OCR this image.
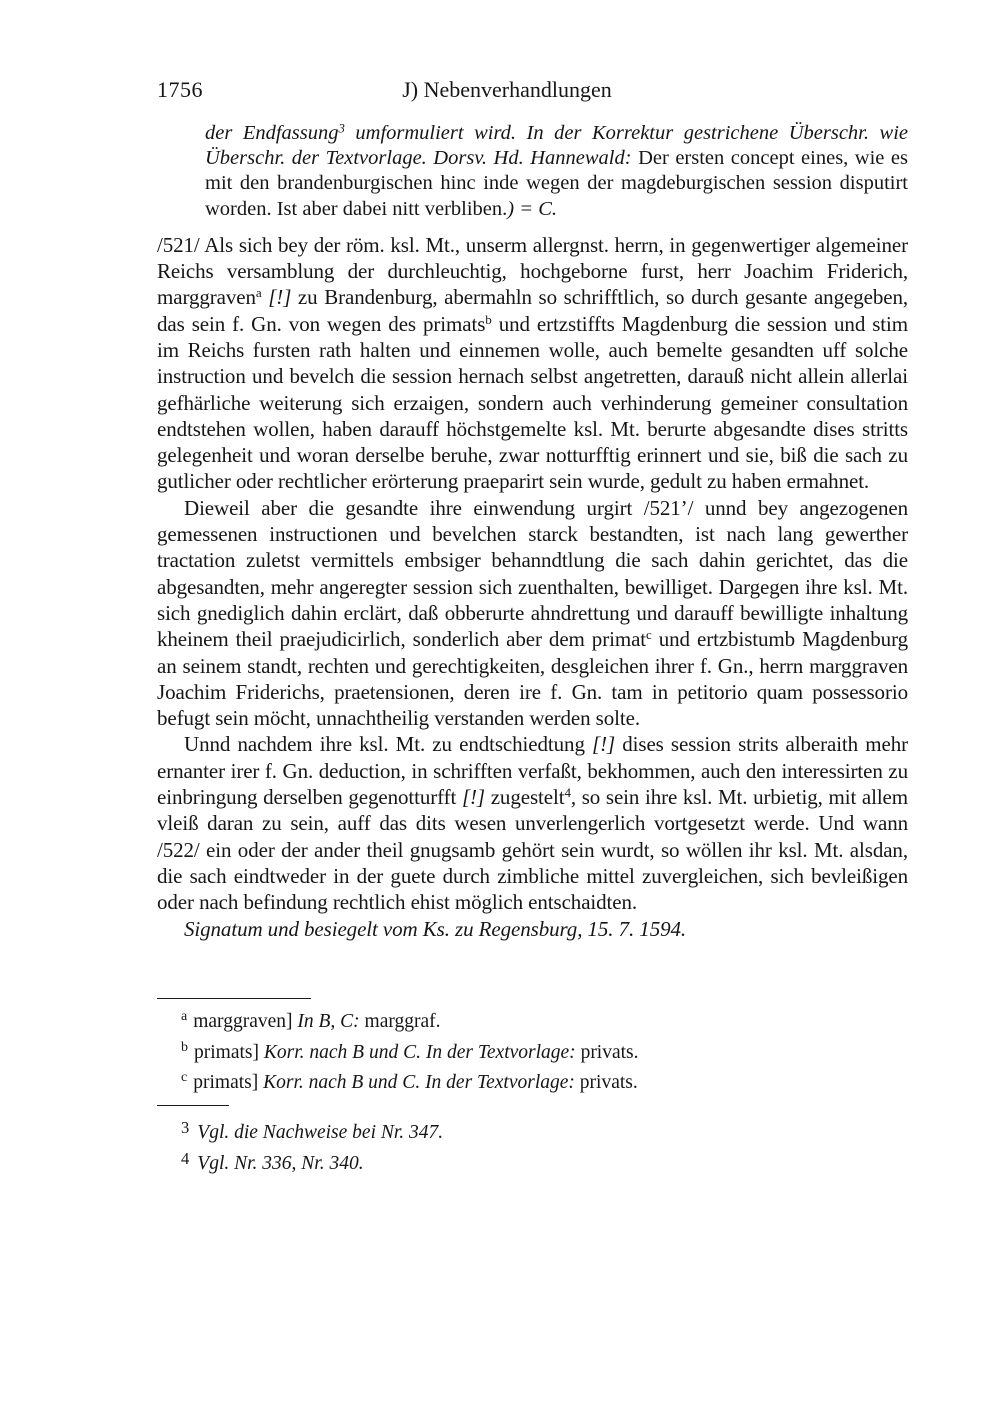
1756	J) Nebenverhandlungen

der Endfassung$^3$ umformuliert wird. In der Korrektur gestrichene Überschr. wie Überschr. der Textvorlage. Dorsv. Hd. Hannewald: Der ersten concept eines, wie es mit den brandenburgischen hinc inde wegen der magdeburgischen session disputirt worden. Ist aber dabei nitt verbliben.) = C.

/521/ Als sich bey der röm. ksl. Mt., unserm allergnst. herrn, in gegenwertiger algemeiner Reichs versamblung der durchleuchtig, hochgeborne furst, herr Joachim Friderich, marggraven$^a$ [!] zu Brandenburg, abermahln so schrifftlich, so durch gesante angegeben, das sein f. Gn. von wegen des primats$^b$ und ertzstiffts Magdenburg die session und stim im Reichs fursten rath halten und einnemen wolle, auch bemelte gesandten uff solche instruction und bevelch die session hernach selbst angetretten, darauß nicht allein allerlai gefhärliche weiterung sich erzaigen, sondern auch verhinderung gemeiner consultation endtstehen wollen, haben darauff höchstgemelte ksl. Mt. berurte abgesandte dises stritts gelegenheit und woran derselbe beruhe, zwar notturfftig erinnert und sie, biß die sach zu gutlicher oder rechtlicher erörterung praeparirt sein wurde, gedult zu haben ermahnet.

Dieweil aber die gesandte ihre einwendung urgirt /521’/ unnd bey angezogenen gemessenen instructionen und bevelchen starck bestandten, ist nach lang gewerther tractation zuletst vermittels embsiger behanndtlung die sach dahin gerichtet, das die abgesandten, mehr angeregter session sich zuenthalten, bewilliget. Dargegen ihre ksl. Mt. sich gnediglich dahin erclärt, daß obberurte ahndrettung und darauff bewilligte inhaltung kheinem theil praejudicirlich, sonderlich aber dem primat$^c$ und ertzbistumb Magdenburg an seinem standt, rechten und gerechtigkeiten, desgleichen ihrer f. Gn., herrn marggraven Joachim Friderichs, praetensionen, deren ire f. Gn. tam in petitorio quam possessorio befugt sein möcht, unnachtheilig verstanden werden solte.

Unnd nachdem ihre ksl. Mt. zu endtschiedtung [!] dises session strits alberaith mehr ernanter irer f. Gn. deduction, in schrifften verfaßt, bekhommen, auch den interessirten zu einbringung derselben gegenotturfft [!] zugestelt$^4$, so sein ihre ksl. Mt. urbietig, mit allem vleiß daran zu sein, auff das dits wesen unverlengerlich vortgesetzt werde. Und wann /522/ ein oder der ander theil gnugsamb gehört sein wurdt, so wöllen ihr ksl. Mt. alsdan, die sach eindtweder in der guete durch zimbliche mittel zuvergleichen, sich bevleißigen oder nach befindung rechtlich ehist möglich entschaidten.

Signatum und besiegelt vom Ks. zu Regensburg, 15. 7. 1594.

$^a$ marggraven] In B, C: marggraf.
$^b$ primats] Korr. nach B und C. In der Textvorlage: privats.
$^c$ primats] Korr. nach B und C. In der Textvorlage: privats.
$^3$ Vgl. die Nachweise bei Nr. 347.
$^4$ Vgl. Nr. 336, Nr. 340.
